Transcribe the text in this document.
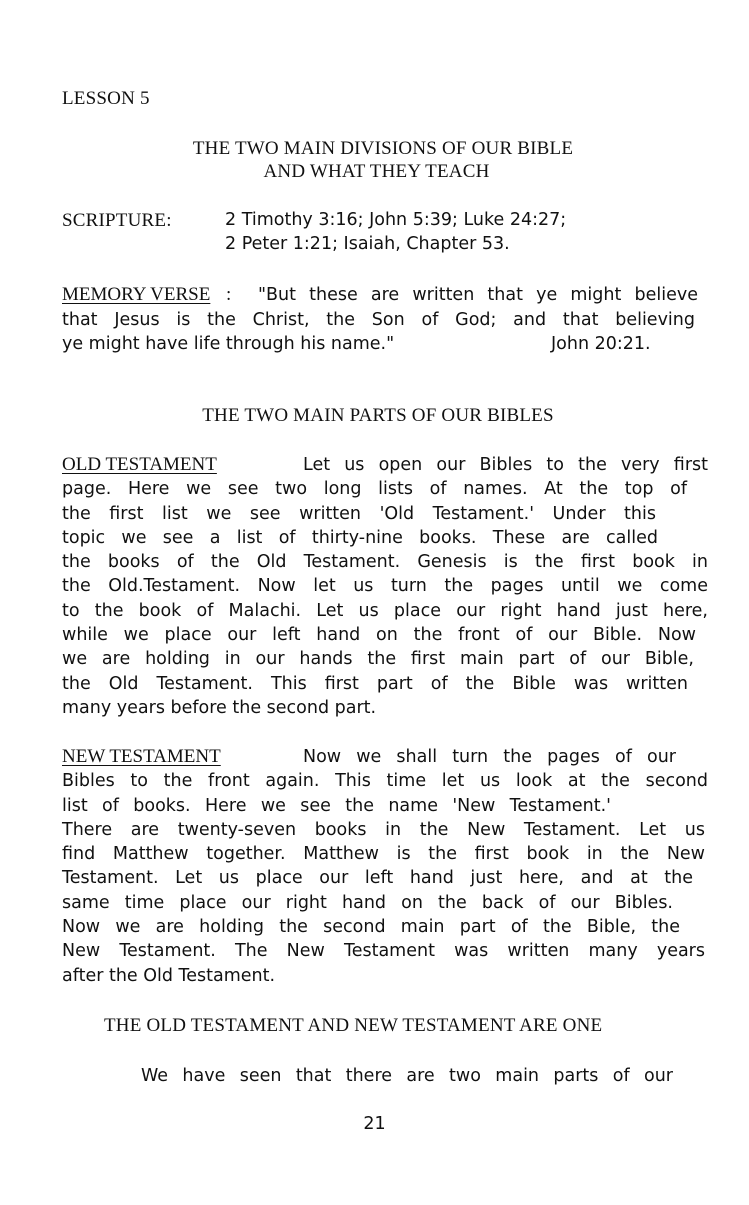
LESSON 5

THE TWO MAIN DIVISIONS OF OUR BIBLE

AND WHAT THEY TEACH

SCRIPTURE:	2 Timothy 3:16; John 5:39; Luke 24:27;

2 Peter 1:21; Isaiah, Chapter 53.

MEMORY VERSE : "But these are written that ye might believe
that Jesus is the Christ, the Son of God; and that believing
ye might have life through his name."	John 20:21.

THE TWO MAIN PARTS OF OUR BIBLES

OLD TESTAMENT	Let us open our Bibles to the very first
page. Here we see two long lists of names. At the top of
the first list we see written 'Old Testament.' Under this
topic we see a list of thirty-nine books. These are called
the books of the Old Testament. Genesis is the first book in
the Old.Testament. Now let us turn the pages until we come
to the book of Malachi. Let us place our right hand just here,
while we place our left hand on the front of our Bible. Now
we are holding in our hands the first main part of our Bible,
the Old Testament. This first part of the Bible was written
many years before the second part.
NEW TESTAMENT	Now we shall turn the pages of our
Bibles to the front again. This time let us look at the second
list of books. Here we see the name 'New Testament.'
There are twenty-seven books in the New Testament. Let us
find Matthew together. Matthew is the first book in the New
Testament. Let us place our left hand just here, and at the
same time place our right hand on the back of our Bibles.
Now we are holding the second main part of the Bible, the
New Testament. The New Testament was written many years
after the Old Testament.

THE OLD TESTAMENT AND NEW TESTAMENT ARE ONE

We have seen that there are two main parts of our

21
